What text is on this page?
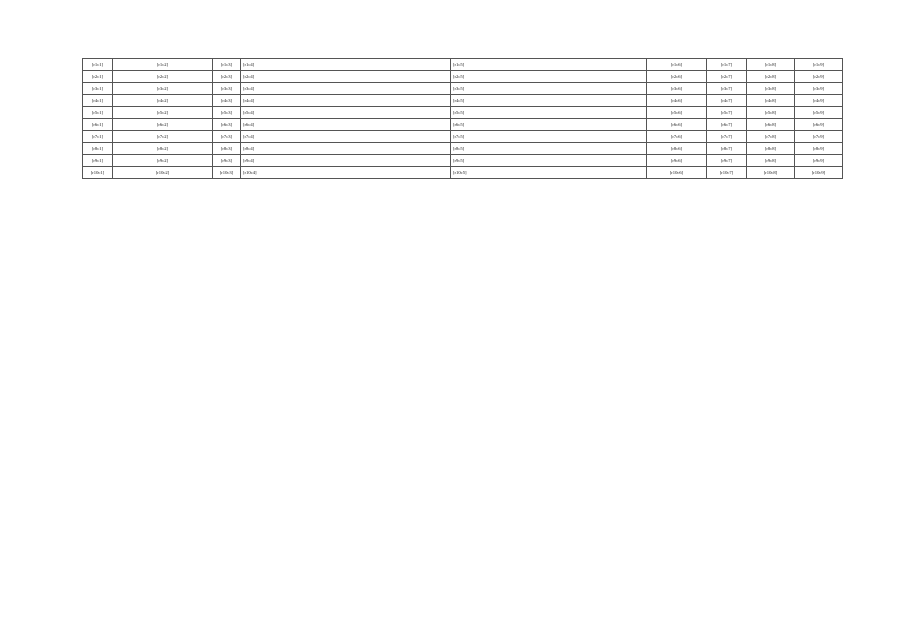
[r1c1]	[r1c2]	[r1c3]	[r1c4]	[r1c5]	[r1c6]	[r1c7]	[r1c8]	[r1c9]
[r2c1]	[r2c2]	[r2c3]	[r2c4]	[r2c5]	[r2c6]	[r2c7]	[r2c8]	[r2c9]
[r3c1]	[r3c2]	[r3c3]	[r3c4]	[r3c5]	[r3c6]	[r3c7]	[r3c8]	[r3c9]
[r4c1]	[r4c2]	[r4c3]	[r4c4]	[r4c5]	[r4c6]	[r4c7]	[r4c8]	[r4c9]
[r5c1]	[r5c2]	[r5c3]	[r5c4]	[r5c5]	[r5c6]	[r5c7]	[r5c8]	[r5c9]
[r6c1]	[r6c2]	[r6c3]	[r6c4]	[r6c5]	[r6c6]	[r6c7]	[r6c8]	[r6c9]
[r7c1]	[r7c2]	[r7c3]	[r7c4]	[r7c5]	[r7c6]	[r7c7]	[r7c8]	[r7c9]
[r8c1]	[r8c2]	[r8c3]	[r8c4]	[r8c5]	[r8c6]	[r8c7]	[r8c8]	[r8c9]
[r9c1]	[r9c2]	[r9c3]	[r9c4]	[r9c5]	[r9c6]	[r9c7]	[r9c8]	[r9c9]
[r10c1]	[r10c2]	[r10c3]	[r10c4]	[r10c5]	[r10c6]	[r10c7]	[r10c8]	[r10c9]
